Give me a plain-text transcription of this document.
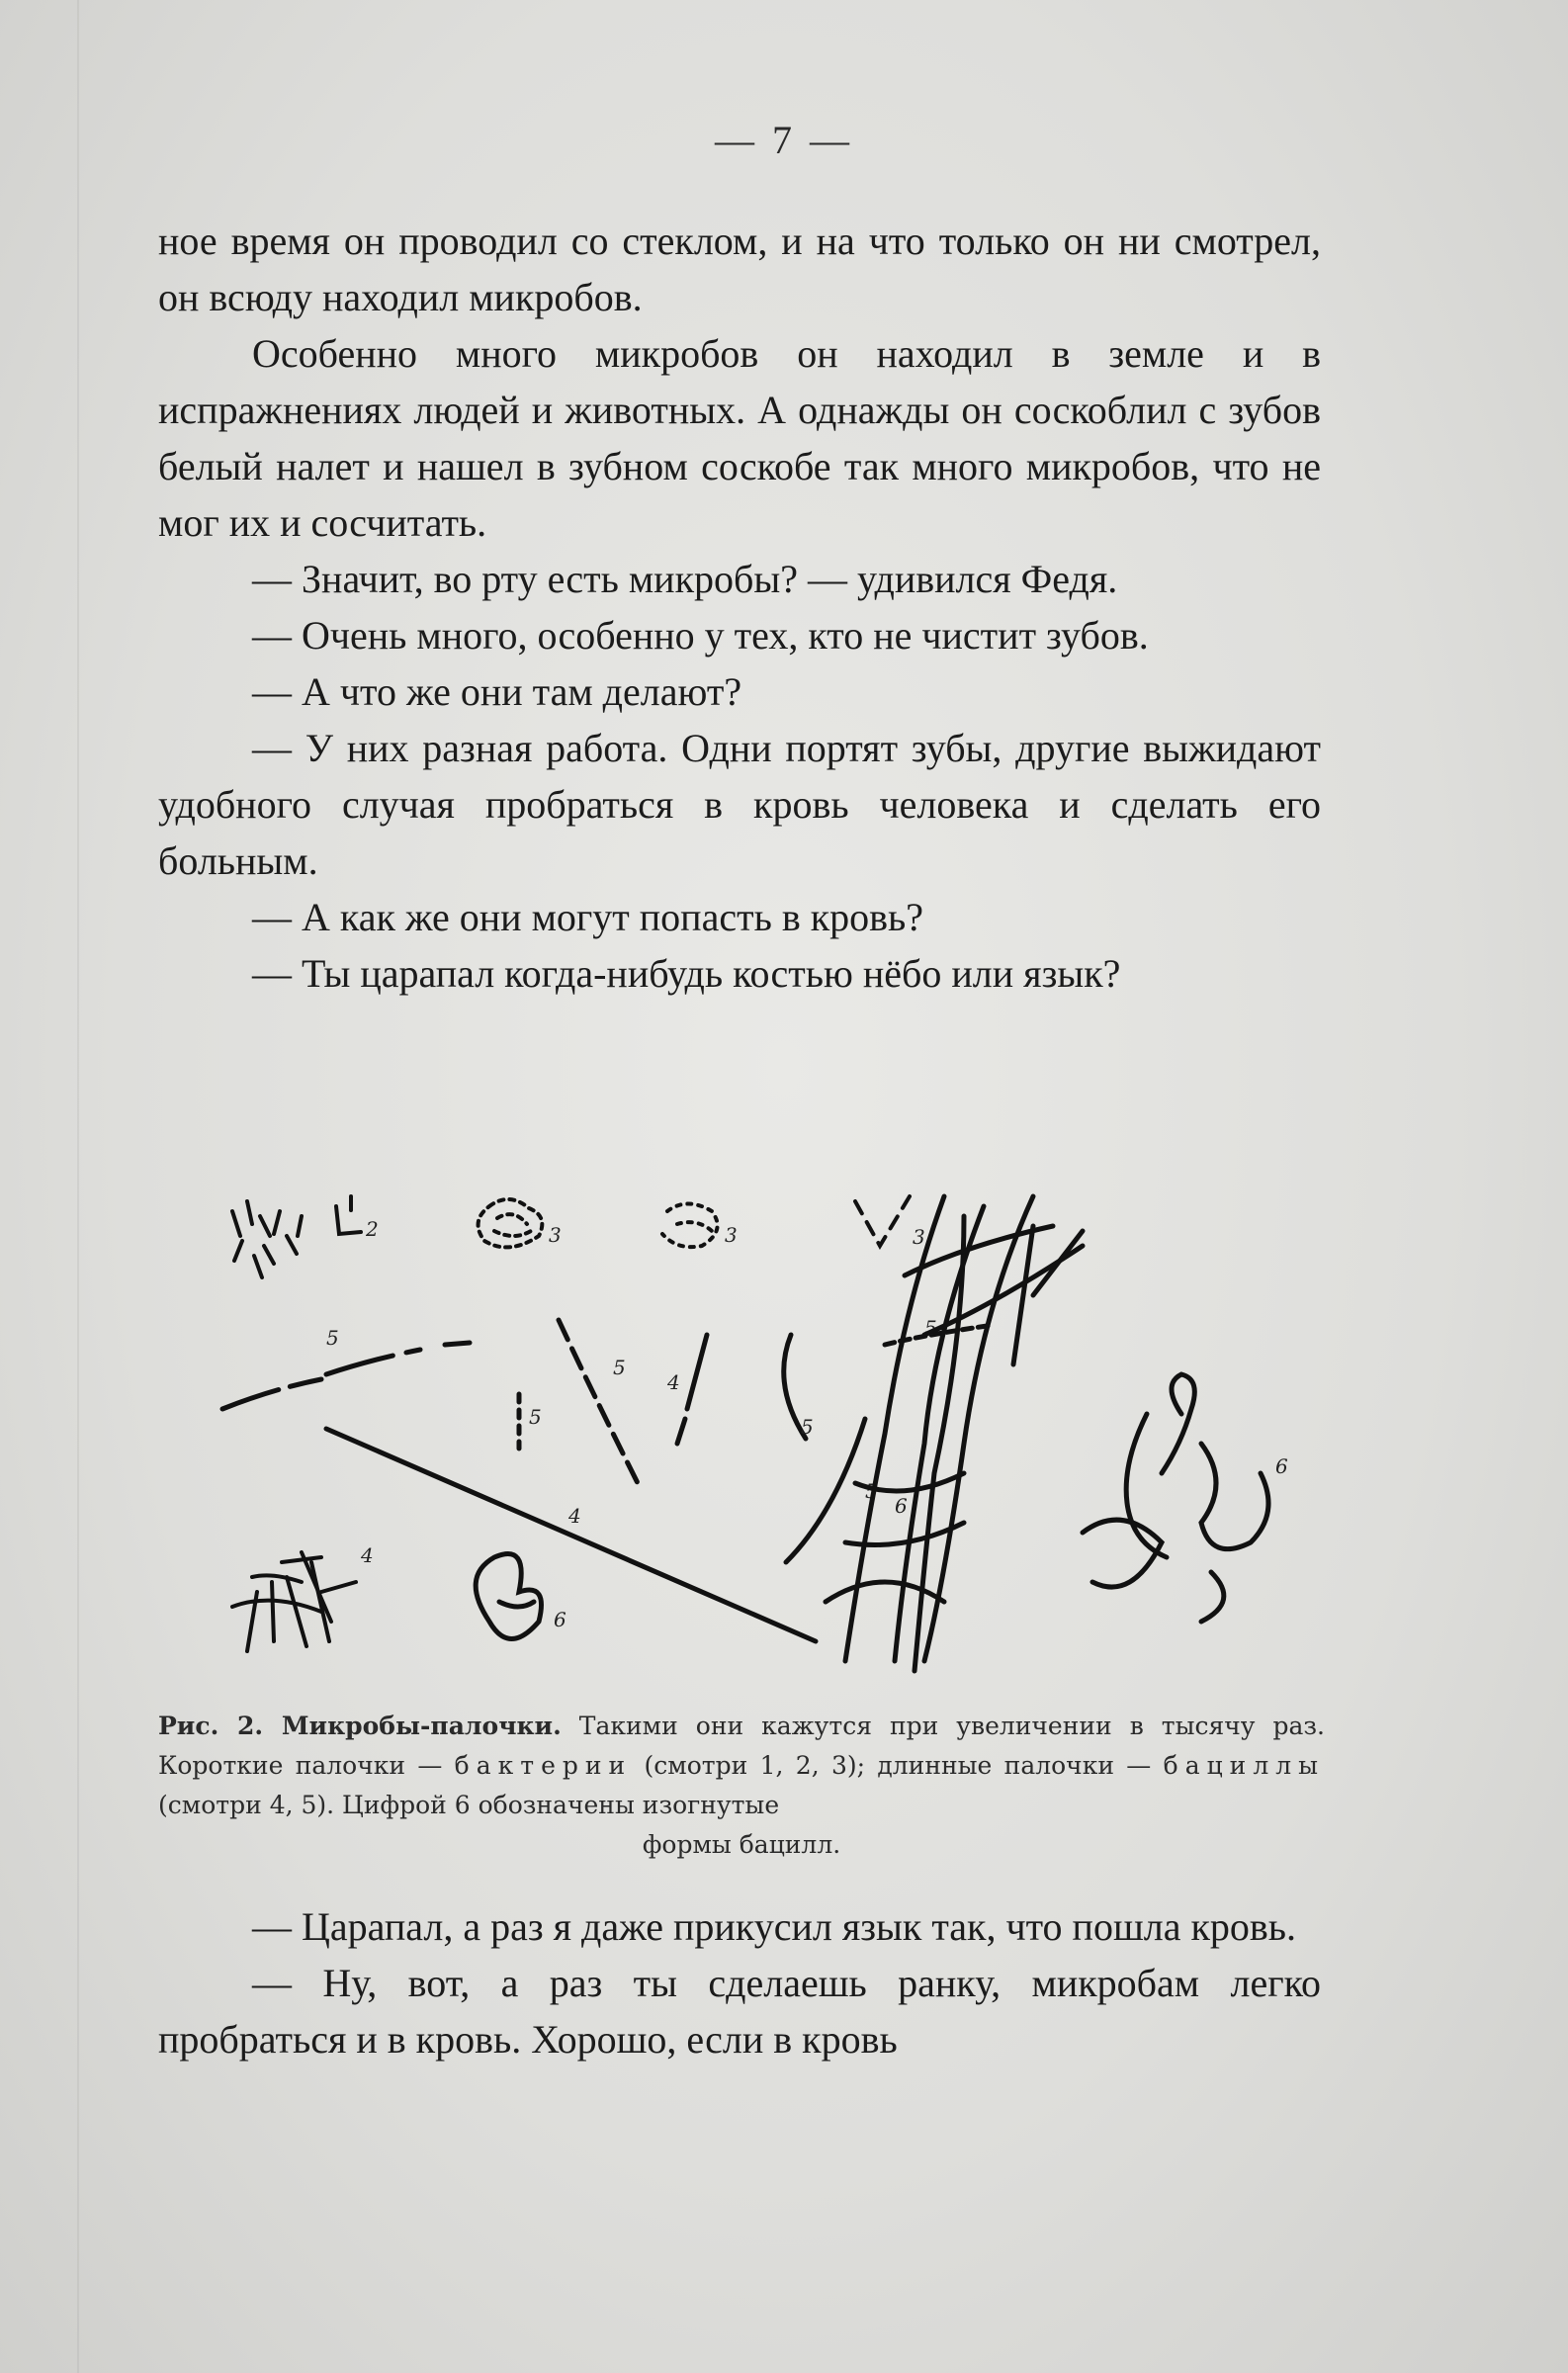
— 7 —

ное время он проводил со стеклом, и на что только он ни смотрел, он всюду находил микробов.

Особенно много микробов он находил в земле и в испражнениях людей и животных. А однажды он соскоблил с зубов белый налет и нашел в зубном соскобе так много микробов, что не мог их и сосчитать.

— Значит, во рту есть микробы? — удивился Федя.

— Очень много, особенно у тех, кто не чистит зубов.

— А что же они там делают?

— У них разная работа. Одни портят зубы, другие выжидают удобного случая пробраться в кровь человека и сделать его больным.

— А как же они могут попасть в кровь?

— Ты царапал когда-нибудь костью нёбо или язык?

2	3	3	3
5
5
5
4
4
5
5
5
4
6
6
6
Рис. 2. Микробы-палочки. Такими они кажутся при увеличении в тысячу раз. Короткие палочки — бактерии (смотри 1, 2, 3); длинные палочки — бациллы (смотри 4, 5). Цифрой 6 обозначены изогнутые
формы бацилл.

— Царапал, а раз я даже прикусил язык так, что пошла кровь.

— Ну, вот, а раз ты сделаешь ранку, микробам легко пробраться и в кровь. Хорошо, если в кровь
